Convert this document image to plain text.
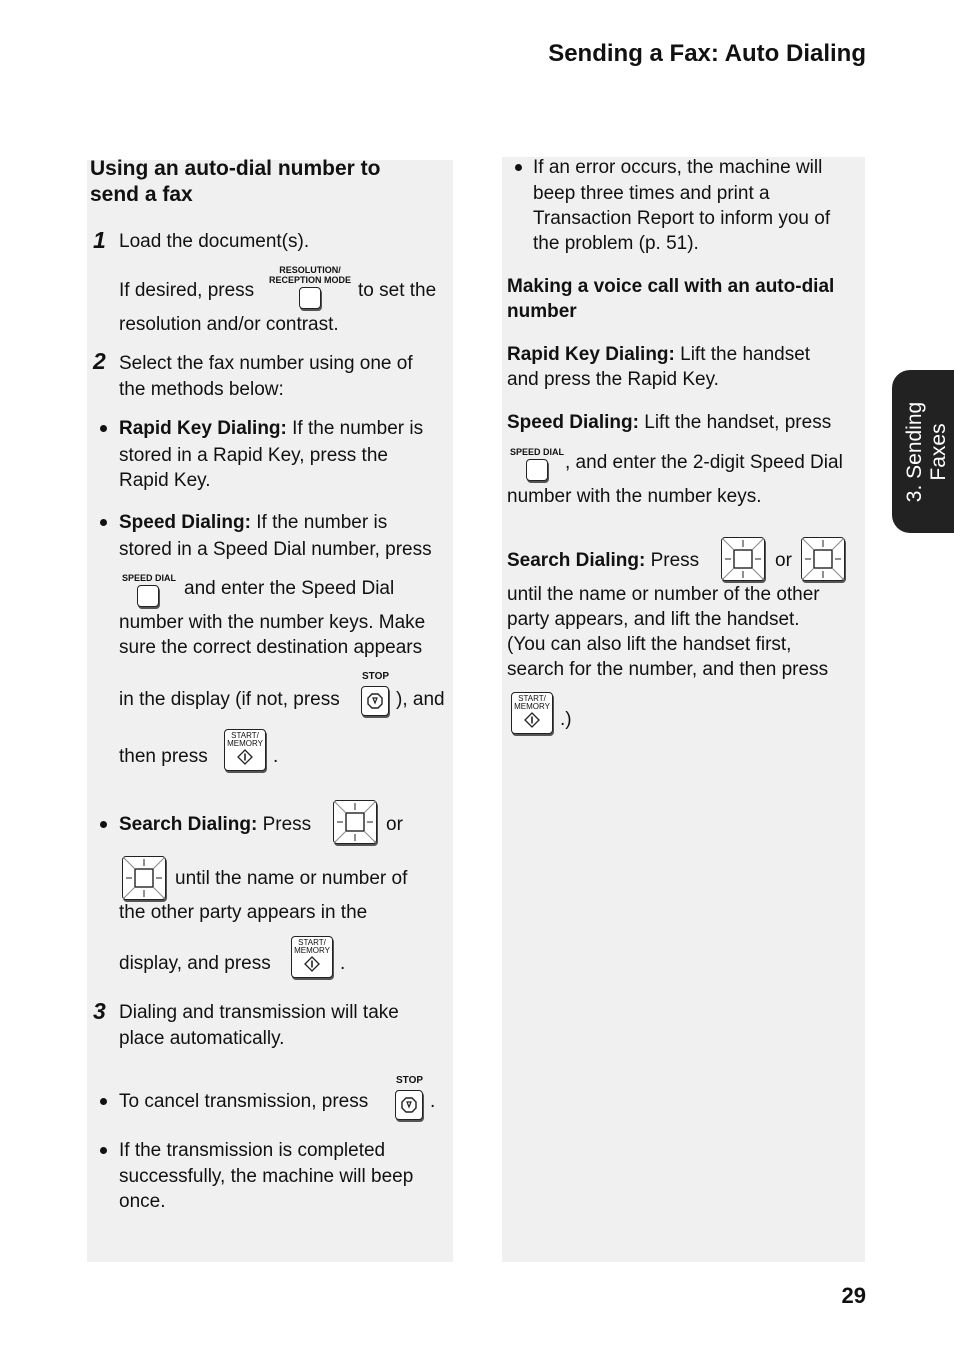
Sending a Fax: Auto Dialing
3. Sending
Faxes
Using an auto-dial number to
send a fax
1 Load the document(s).

If desired, press

RESOLUTION/
RECEPTION MODE

to set the

resolution and/or contrast.

2 Select the fax number using one of

the methods below:

Rapid Key Dialing: If the number is

stored in a Rapid Key, press the

Rapid Key.

Speed Dialing: If the number is

stored in a Speed Dial number, press

SPEED DIAL and enter the Speed Dial

number with the number keys. Make

sure the correct destination appears

in the display (if not, press

STOP

), and

then press

START/
MEMORY

.

Search Dialing: Press	or

until the name or number of

the other party appears in the

display, and press

START/
MEMORY

.

3 Dialing and transmission will take

place automatically.

To cancel transmission, press

STOP

.

If the transmission is completed

successfully, the machine will beep

once.

If an error occurs, the machine will

beep three times and print a

Transaction Report to inform you of

the problem (p. 51).

Making a voice call with an auto-dial

number

Rapid Key Dialing: Lift the handset

and press the Rapid Key.

Speed Dialing: Lift the handset, press

SPEED DIAL , and enter the 2-digit Speed Dial

number with the number keys.

Search Dialing: Press	or

until the name or number of the other

party appears, and lift the handset.

(You can also lift the handset first,

search for the number, and then press

START/
MEMORY

.)

29
